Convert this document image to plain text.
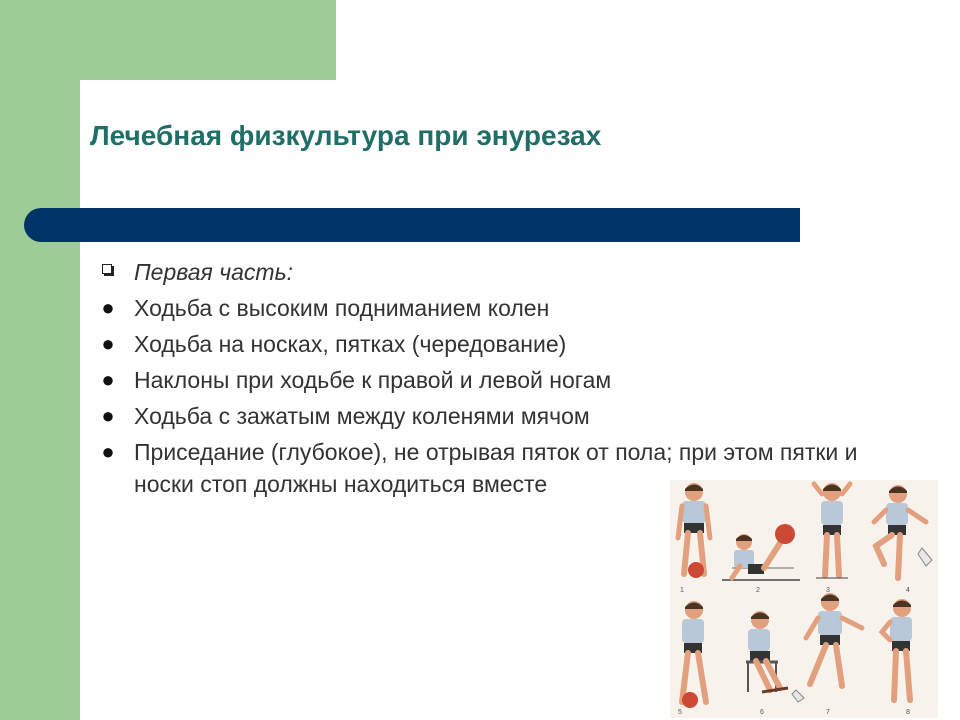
Лечебная физкультура при энурезах
Первая часть:
● Ходьба с высоким подниманием колен
● Ходьба на носках, пятках (чередование)
● Наклоны при ходьбе к правой и левой ногам
● Ходьба с зажатым между коленями мячом
● Приседание (глубокое), не отрывая пяток от пола; при этом пятки и носки стоп должны находиться вместе
1	2	3	4
5	6	7	8
